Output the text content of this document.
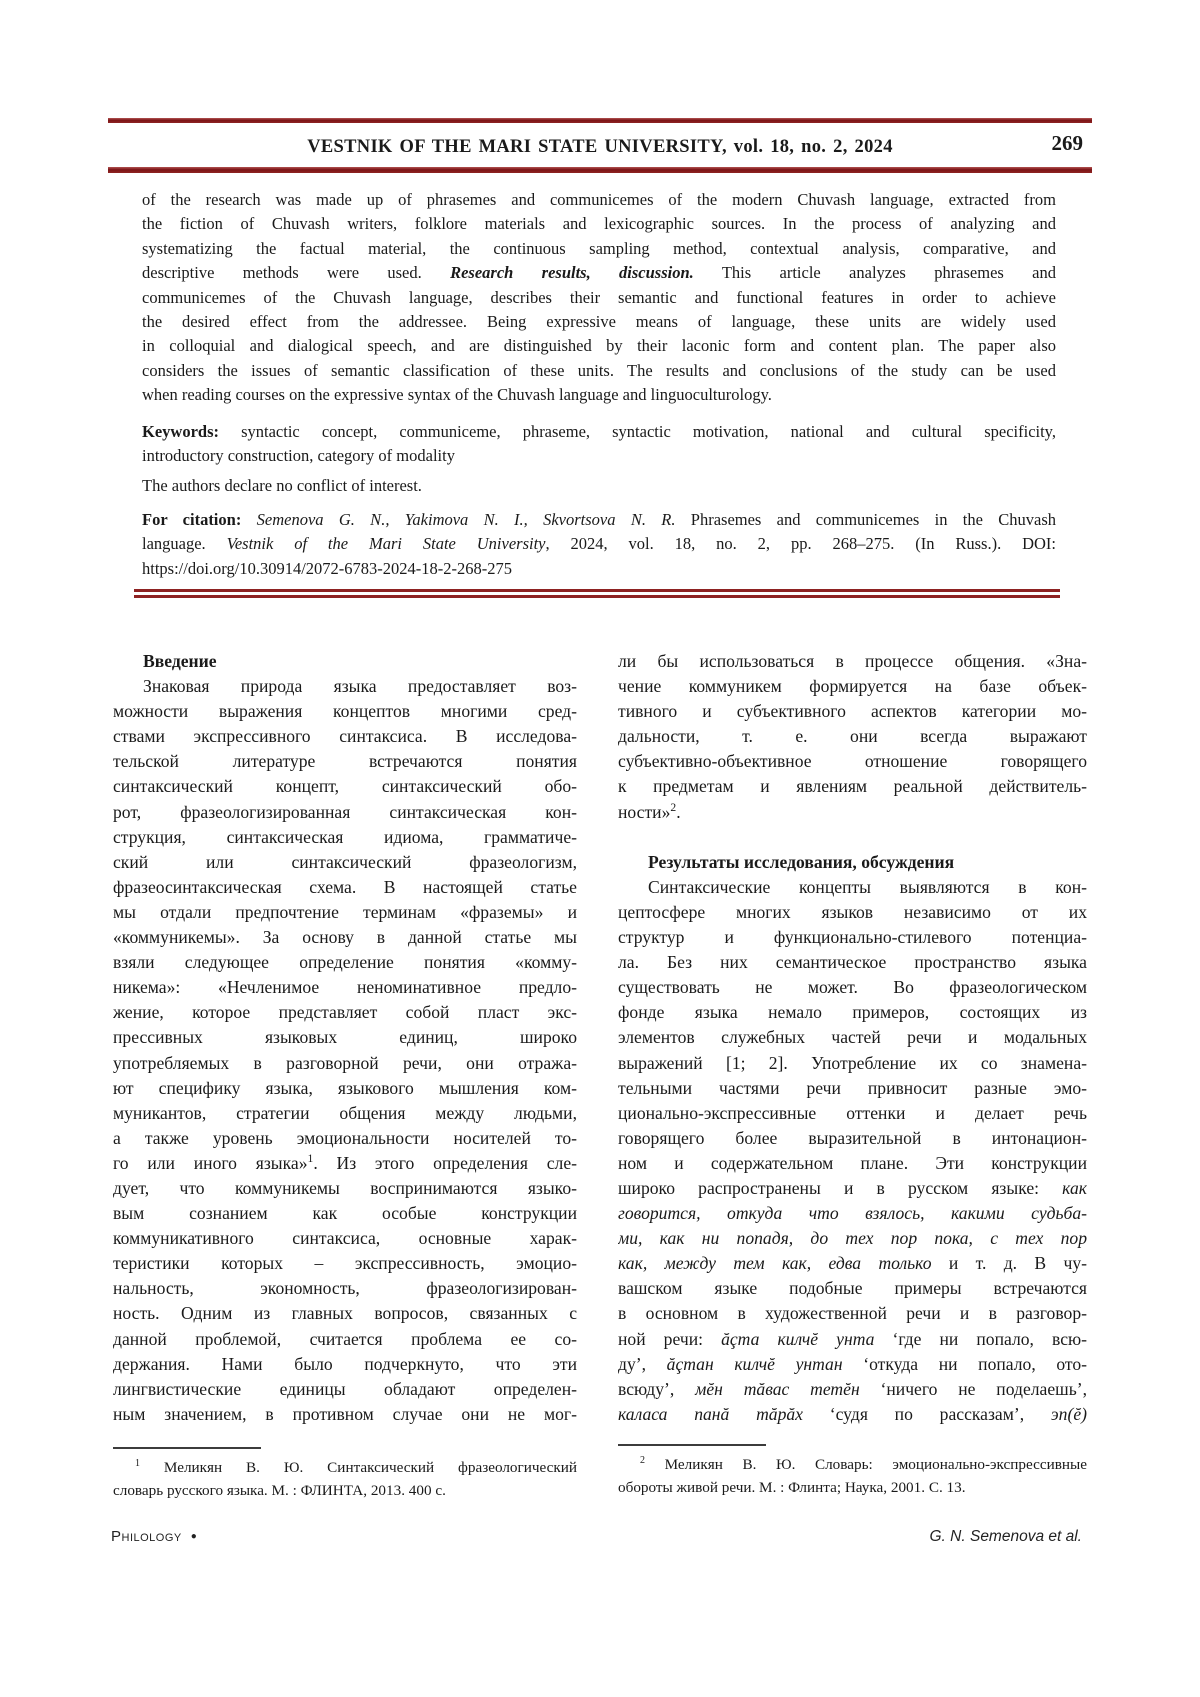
VESTNIK OF THE MARI STATE UNIVERSITY, vol. 18, no. 2, 2024	269
of the research was made up of phrasemes and communicemes of the modern Chuvash language, extracted from
the fiction of Chuvash writers, folklore materials and lexicographic sources. In the process of analyzing and
systematizing the factual material, the continuous sampling method, contextual analysis, comparative, and
descriptive methods were used. Research results, discussion. This article analyzes phrasemes and
communicemes of the Chuvash language, describes their semantic and functional features in order to achieve
the desired effect from the addressee. Being expressive means of language, these units are widely used
in colloquial and dialogical speech, and are distinguished by their laconic form and content plan. The paper also
considers the issues of semantic classification of these units. The results and conclusions of the study can be used
when reading courses on the expressive syntax of the Chuvash language and linguoculturology.
Keywords: syntactic concept, communiceme, phraseme, syntactic motivation, national and cultural specificity,
introductory construction, category of modality
The authors declare no conflict of interest.
For citation: Semenova G. N., Yakimova N. I., Skvortsova N. R. Phrasemes and communicemes in the Chuvash
language. Vestnik of the Mari State University, 2024, vol. 18, no. 2, pp. 268–275. (In Russ.). DOI:
https://doi.org/10.30914/2072-6783-2024-18-2-268-275
Введение
Знаковая природа языка предоставляет воз-
можности выражения концептов многими сред-
ствами экспрессивного синтаксиса. В исследова-
тельской литературе встречаются понятия
синтаксический концепт, синтаксический обо-
рот, фразеологизированная синтаксическая кон-
струкция, синтаксическая идиома, грамматиче-
ский или синтаксический фразеологизм,
фразеосинтаксическая схема. В настоящей статье
мы отдали предпочтение терминам «фраземы» и
«коммуникемы». За основу в данной статье мы
взяли следующее определение понятия «комму-
никема»: «Нечленимое неноминативное предло-
жение, которое представляет собой пласт экс-
прессивных языковых единиц, широко
употребляемых в разговорной речи, они отража-
ют специфику языка, языкового мышления ком-
муникантов, стратегии общения между людьми,
а также уровень эмоциональности носителей то-
го или иного языка»$^1$. Из этого определения сле-
дует, что коммуникемы воспринимаются языко-
вым сознанием как особые конструкции
коммуникативного синтаксиса, основные харак-
теристики которых – экспрессивность, эмоцио-
нальность, экономность, фразеологизирован-
ность. Одним из главных вопросов, связанных с
данной проблемой, считается проблема ее со-
держания. Нами было подчеркнуто, что эти
лингвистические единицы обладают определен-
ным значением, в противном случае они не мог-
ли бы использоваться в процессе общения. «Зна-
чение коммуникем формируется на базе объек-
тивного и субъективного аспектов категории мо-
дальности, т. е. они всегда выражают
субъективно-объективное отношение говорящего
к предметам и явлениям реальной действитель-
ности»$^2$.

Результаты исследования, обсуждения
Синтаксические концепты выявляются в кон-
цептосфере многих языков независимо от их
структур и функционально-стилевого потенциа-
ла. Без них семантическое пространство языка
существовать не может. Во фразеологическом
фонде языка немало примеров, состоящих из
элементов служебных частей речи и модальных
выражений [1; 2]. Употребление их со знамена-
тельными частями речи привносит разные эмо-
ционально-экспрессивные оттенки и делает речь
говорящего более выразительной в интонацион-
ном и содержательном плане. Эти конструкции
широко распространены и в русском языке: как
говорится, откуда что взялось, какими судьба-
ми, как ни попадя, до тех пор пока, с тех пор
как, между тем как, едва только и т. д. В чу-
вашском языке подобные примеры встречаются
в основном в художественной речи и в разговор-
ной речи: ăçта килчĕ унта ‘где ни попало, всю-
ду’, ăçтан килчĕ унтан ‘откуда ни попало, ото-
всюду’, мĕн тăвас тетĕн ‘ничего не поделаешь’,
каласа панă тăрăх ‘судя по рассказам’, эп(ĕ)
$^1$ Меликян В. Ю. Синтаксический фразеологический
словарь русского языка. М. : ФЛИНТА, 2013. 400 с.
$^2$ Меликян В. Ю. Словарь: эмоционально-экспрессивные
обороты живой речи. М. : Флинта; Наука, 2001. С. 13.
Philology ●	G. N. Semenova et al.
